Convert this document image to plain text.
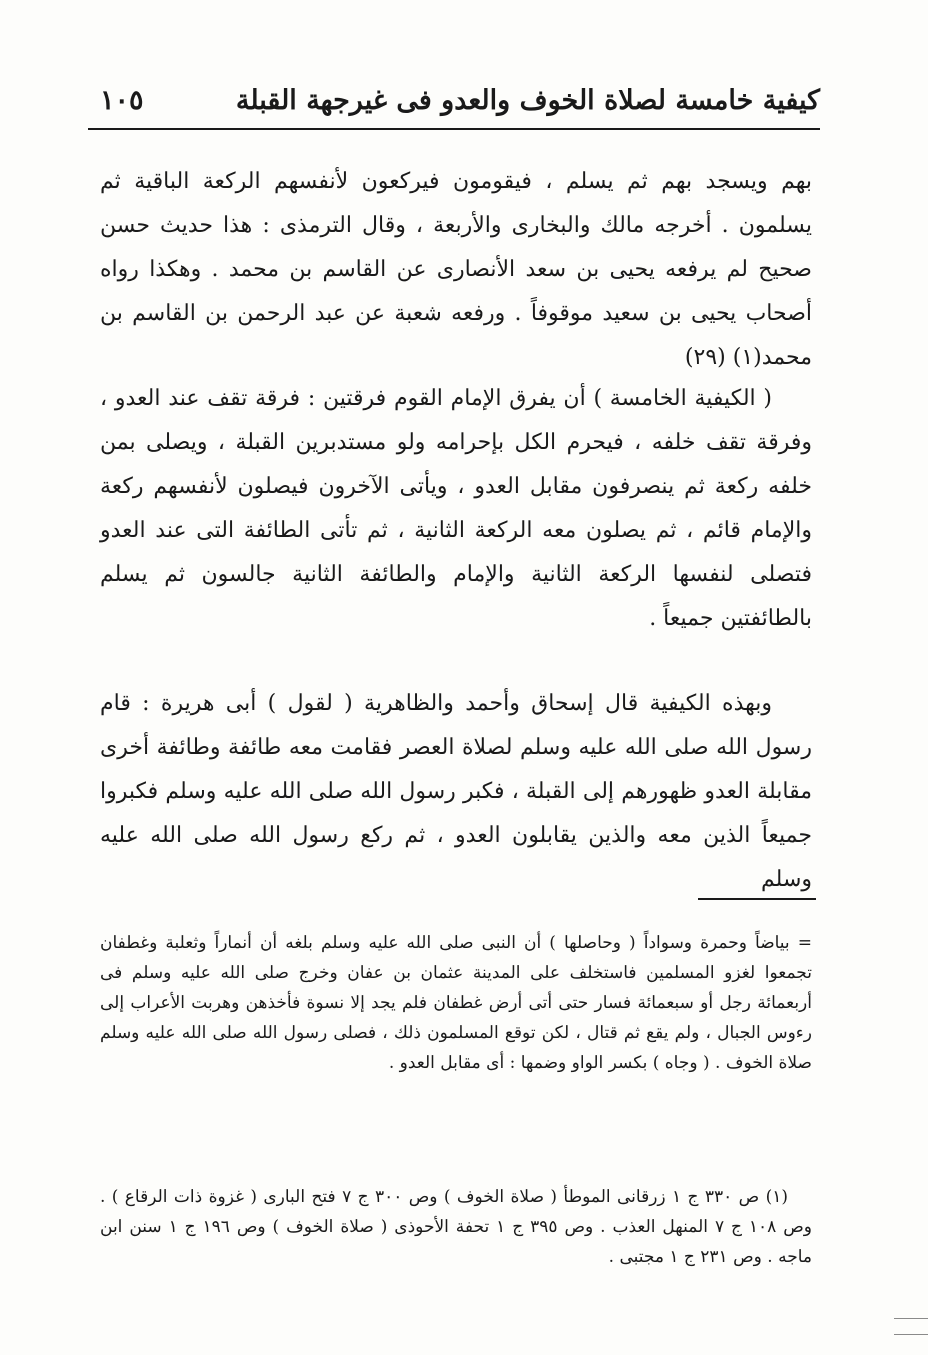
كيفية خامسة لصلاة الخوف والعدو فى غيرجهة القبلة
١٠٥

بهم ويسجد بهم ثم يسلم ، فيقومون فيركعون لأنفسهم الركعة الباقية ثم يسلمون . أخرجه مالك والبخارى والأربعة ، وقال الترمذى : هذا حديث حسن صحيح لم يرفعه يحيى بن سعد الأنصارى عن القاسم بن محمد . وهكذا رواه أصحاب يحيى بن سعيد موقوفاً . ورفعه شعبة عن عبد الرحمن بن القاسم بن محمد(١) (٢٩)

( الكيفية الخامسة ) أن يفرق الإمام القوم فرقتين : فرقة تقف عند العدو ، وفرقة تقف خلفه ، فيحرم الكل بإحرامه ولو مستدبرين القبلة ، ويصلى بمن خلفه ركعة ثم ينصرفون مقابل العدو ، ويأتى الآخرون فيصلون لأنفسهم ركعة والإمام قائم ، ثم يصلون معه الركعة الثانية ، ثم تأتى الطائفة التى عند العدو فتصلى لنفسها الركعة الثانية والإمام والطائفة الثانية جالسون ثم يسلم بالطائفتين جميعاً .

وبهذه الكيفية قال إسحاق وأحمد والظاهرية ( لقول ) أبى هريرة : قام رسول الله صلى الله عليه وسلم لصلاة العصر فقامت معه طائفة وطائفة أخرى مقابلة العدو ظهورهم إلى القبلة ، فكبر رسول الله صلى الله عليه وسلم فكبروا جميعاً الذين معه والذين يقابلون العدو ، ثم ركع رسول الله صلى الله عليه وسلم

= بياضاً وحمرة وسواداً ( وحاصلها ) أن النبى صلى الله عليه وسلم بلغه أن أنماراً وثعلبة وغطفان تجمعوا لغزو المسلمين فاستخلف على المدينة عثمان بن عفان وخرج صلى الله عليه وسلم فى أربعمائة رجل أو سبعمائة فسار حتى أتى أرض غطفان فلم يجد إلا نسوة فأخذهن وهربت الأعراب إلى رءوس الجبال ، ولم يقع ثم قتال ، لكن توقع المسلمون ذلك ، فصلى رسول الله صلى الله عليه وسلم صلاة الخوف . ( وجاه ) بكسر الواو وضمها : أى مقابل العدو .

(١) ص ٣٣٠ ج ١ زرقانى الموطأ ( صلاة الخوف ) وص ٣٠٠ ج ٧ فتح البارى ( غزوة ذات الرقاع ) . وص ١٠٨ ج ٧ المنهل العذب . وص ٣٩٥ ج ١ تحفة الأحوذى ( صلاة الخوف ) وص ١٩٦ ج ١ سنن ابن ماجه . وص ٢٣١ ج ١ مجتبى .
